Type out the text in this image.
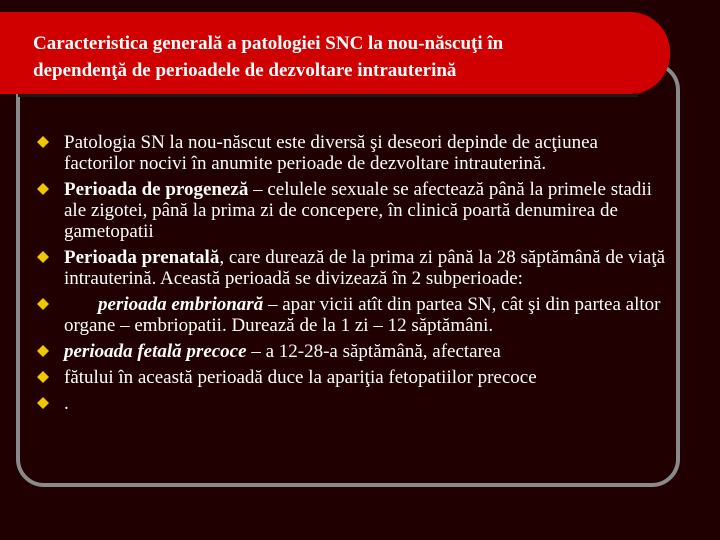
Caracteristica generală a patologiei SNC la nou-născuţi în
dependenţă de perioadele de dezvoltare intrauterină
Patologia SN la nou-născut este diversă şi deseori depinde de acţiunea factorilor nocivi în anumite perioade de dezvoltare intrauterină.
Perioada de progeneză – celulele sexuale se afectează până la primele stadii ale zigotei, până la prima zi de concepere, în clinică poartă denumirea de gametopatii
Perioada prenatală, care durează de la prima zi până la 28 săptămână de viaţă intrauterină. Această perioadă se divizează în 2 subperioade:
perioada embrionară – apar vicii atît din partea SN, cât şi din partea altor organe – embriopatii. Durează de la 1 zi – 12 săptămâni.
perioada fetală precoce – a 12-28-a săptămână, afectarea
fătului în această perioadă duce la apariţia fetopatiilor precoce
.
